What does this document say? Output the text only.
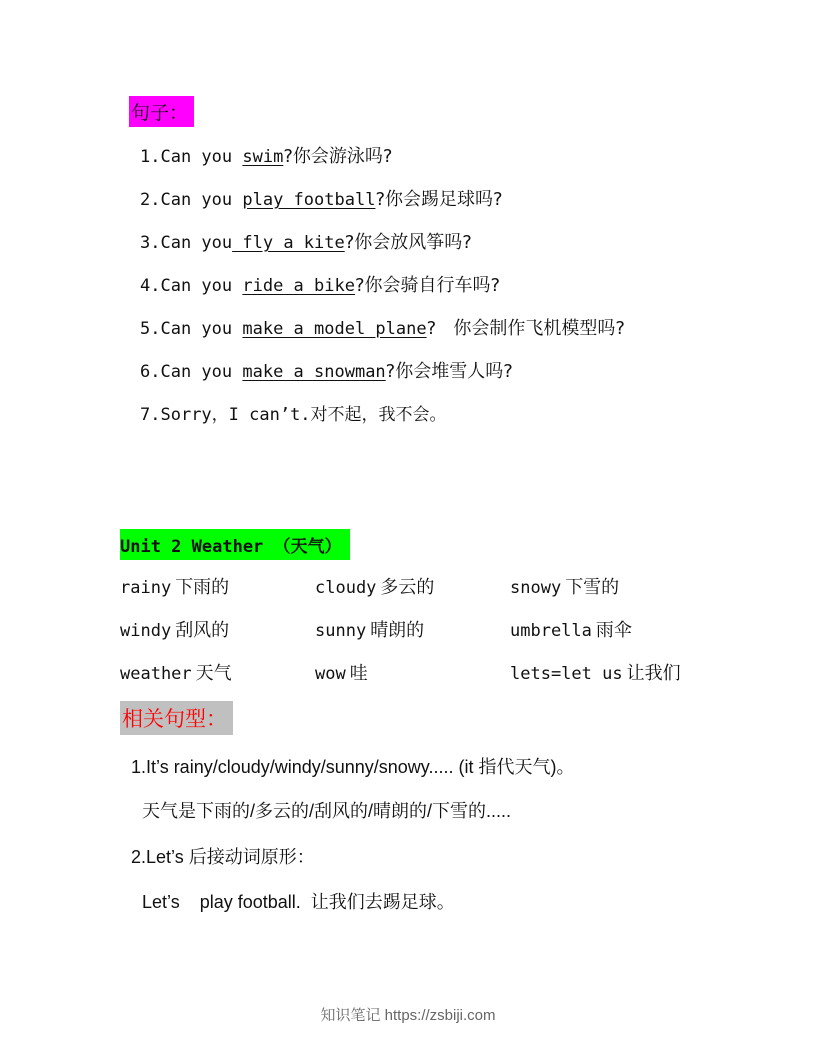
句子：
1.Can you swim?你会游泳吗?
2.Can you play football?你会踢足球吗?
3.Can you fly a kite?你会放风筝吗?
4.Can you ride a bike?你会骑自行车吗?
5.Can you make a model plane?   你会制作飞机模型吗?
6.Can you make a snowman?你会堆雪人吗?
7.Sorry，I can’t.对不起，我不会。
Unit 2 Weather （天气）
rainy 下雨的	cloudy 多云的	snowy 下雪的
windy 刮风的	sunny 晴朗的	umbrella 雨伞
weather 天气	wow 哇	lets=let us 让我们
相关句型：
1.It’s rainy/cloudy/windy/sunny/snowy..... (it 指代天气)。
天气是下雨的/多云的/刮风的/晴朗的/下雪的.....
2.Let’s 后接动词原形：
Let’s    play football.  让我们去踢足球。
知识笔记 https://zsbiji.com
